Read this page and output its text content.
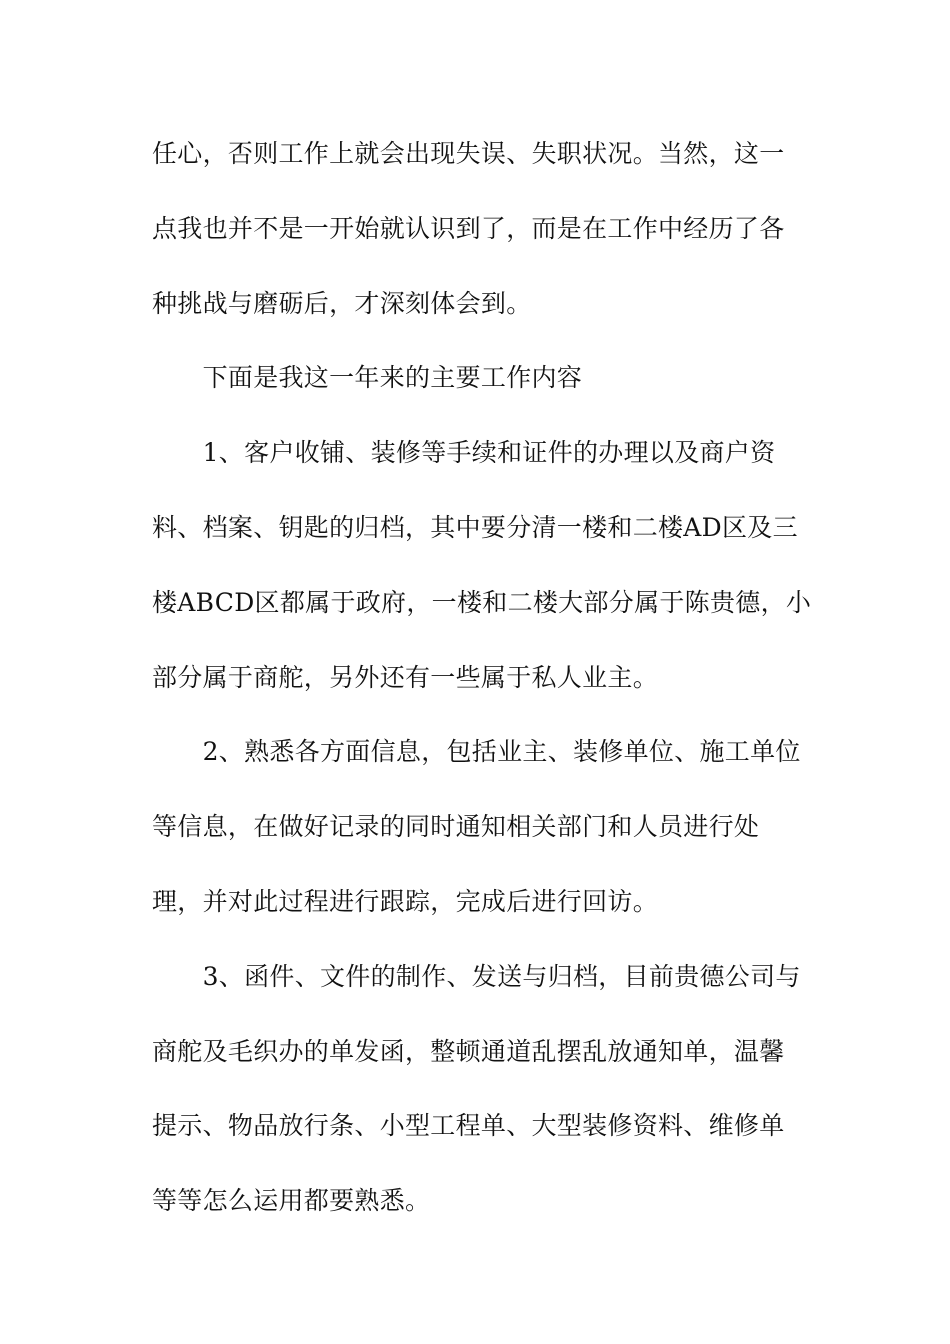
任心，否则工作上就会出现失误、失职状况。当然，这一
点我也并不是一开始就认识到了，而是在工作中经历了各
种挑战与磨砺后，才深刻体会到。
　　下面是我这一年来的主要工作内容
　　1、客户收铺、装修等手续和证件的办理以及商户资
料、档案、钥匙的归档，其中要分清一楼和二楼AD区及三
楼ABCD区都属于政府，一楼和二楼大部分属于陈贵德，小
部分属于商舵，另外还有一些属于私人业主。
　　2、熟悉各方面信息，包括业主、装修单位、施工单位
等信息，在做好记录的同时通知相关部门和人员进行处
理，并对此过程进行跟踪，完成后进行回访。
　　3、函件、文件的制作、发送与归档，目前贵德公司与
商舵及毛织办的单发函，整顿通道乱摆乱放通知单，温馨
提示、物品放行条、小型工程单、大型装修资料、维修单
等等怎么运用都要熟悉。
